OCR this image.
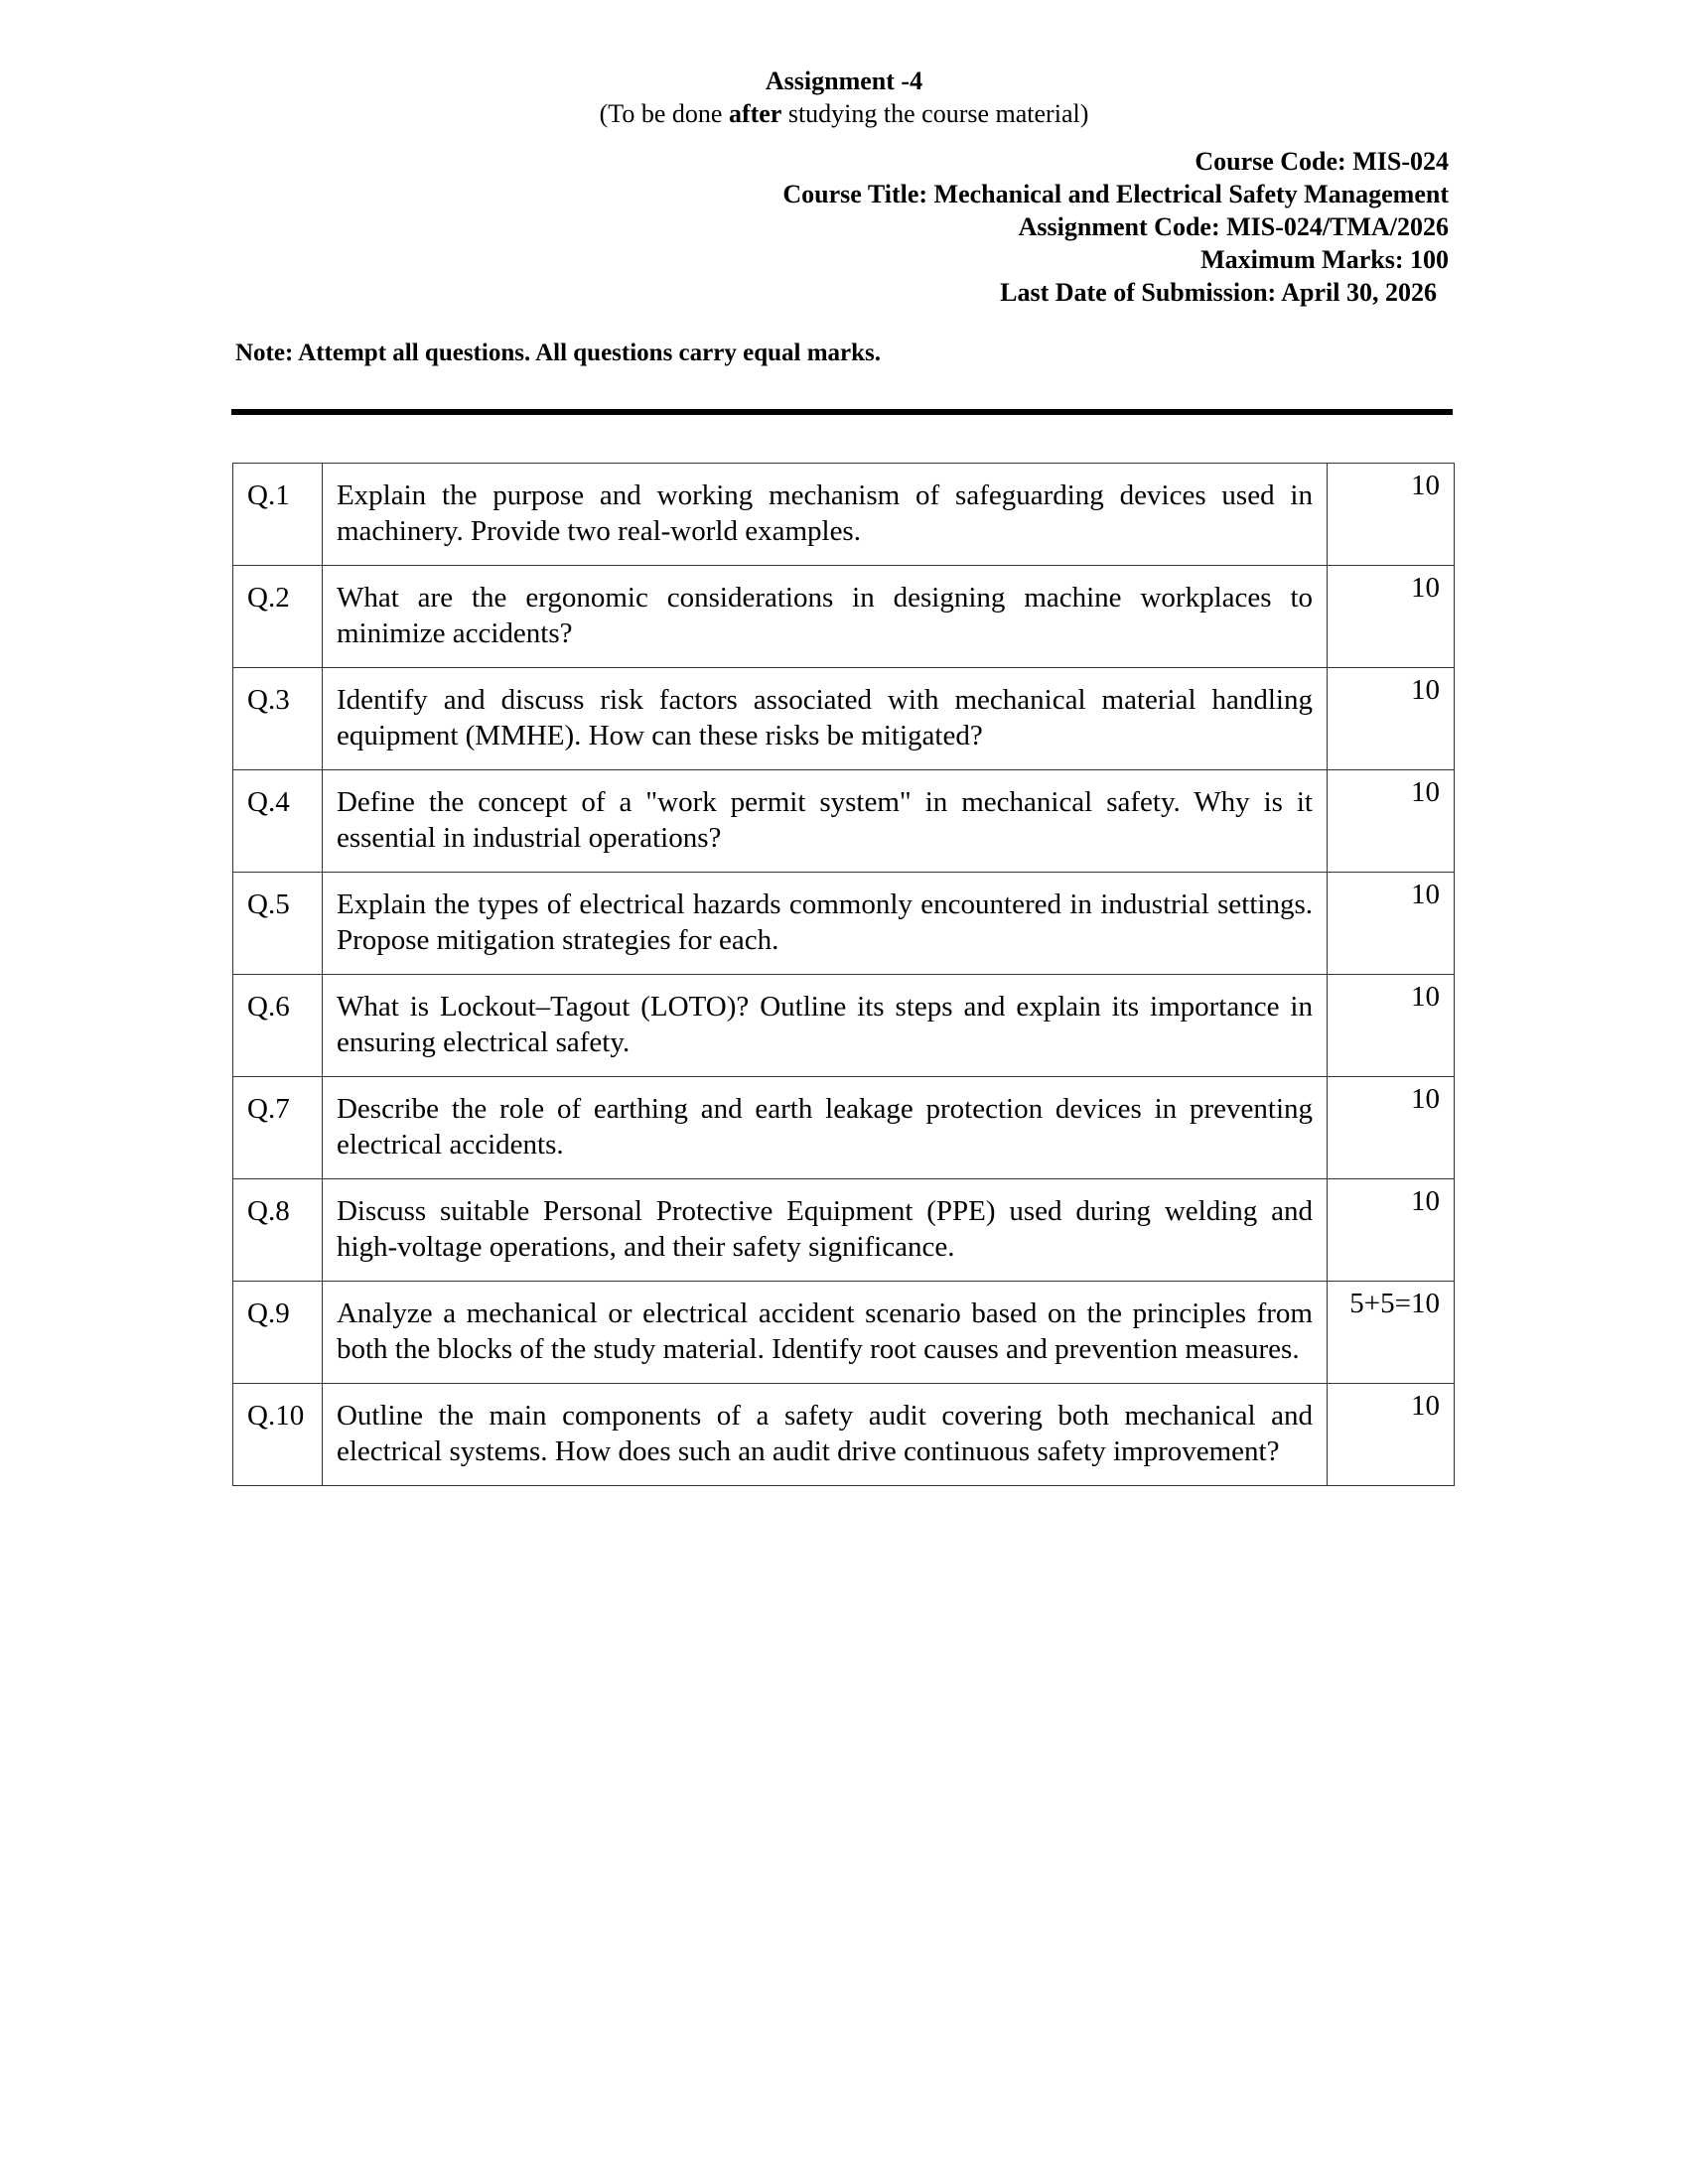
Assignment -4
(To be done after studying the course material)
Course Code: MIS-024
Course Title: Mechanical and Electrical Safety Management
Assignment Code: MIS-024/TMA/2026
Maximum Marks: 100
Last Date of Submission: April 30, 2026
Note: Attempt all questions. All questions carry equal marks.
Q.1	Explain the purpose and working mechanism of safeguarding devices used in machinery. Provide two real-world examples.	10
Q.2	What are the ergonomic considerations in designing machine workplaces to minimize accidents?	10
Q.3	Identify and discuss risk factors associated with mechanical material handling equipment (MMHE). How can these risks be mitigated?	10
Q.4	Define the concept of a "work permit system" in mechanical safety. Why is it essential in industrial operations?	10
Q.5	Explain the types of electrical hazards commonly encountered in industrial settings. Propose mitigation strategies for each.	10
Q.6	What is Lockout–Tagout (LOTO)? Outline its steps and explain its importance in ensuring electrical safety.	10
Q.7	Describe the role of earthing and earth leakage protection devices in preventing electrical accidents.	10
Q.8	Discuss suitable Personal Protective Equipment (PPE) used during welding and high-voltage operations, and their safety significance.	10
Q.9	Analyze a mechanical or electrical accident scenario based on the principles from both the blocks of the study material. Identify root causes and prevention measures.	5+5=10
Q.10	Outline the main components of a safety audit covering both mechanical and electrical systems. How does such an audit drive continuous safety improvement?	10
